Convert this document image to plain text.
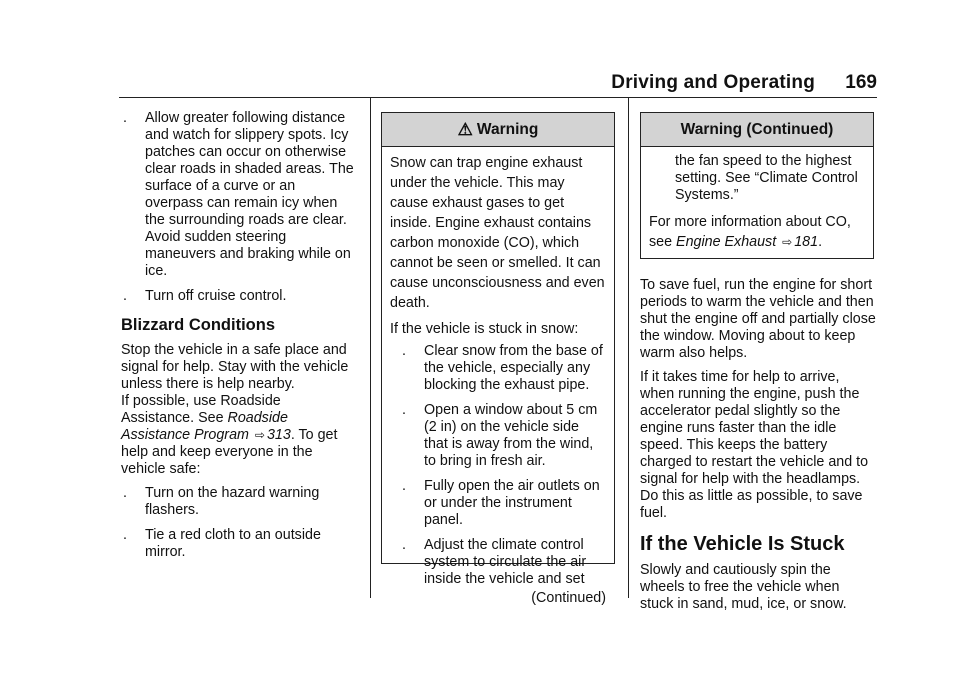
Driving and Operating	169
. Allow greater following distance and watch for slippery spots. Icy patches can occur on otherwise clear roads in shaded areas. The surface of a curve or an overpass can remain icy when the surrounding roads are clear. Avoid sudden steering maneuvers and braking while on ice.
. Turn off cruise control.
Blizzard Conditions

Stop the vehicle in a safe place and signal for help. Stay with the vehicle unless there is help nearby.

If possible, use Roadside Assistance. See Roadside Assistance Program ⇨ 313. To get help and keep everyone in the vehicle safe:

. Turn on the hazard warning flashers.
. Tie a red cloth to an outside mirror.
⚠ Warning

Snow can trap engine exhaust under the vehicle. This may cause exhaust gases to get inside. Engine exhaust contains carbon monoxide (CO), which cannot be seen or smelled. It can cause unconsciousness and even death.

If the vehicle is stuck in snow:

. Clear snow from the base of the vehicle, especially any blocking the exhaust pipe.
. Open a window about 5 cm (2 in) on the vehicle side that is away from the wind, to bring in fresh air.
. Fully open the air outlets on or under the instrument panel.
. Adjust the climate control system to circulate the air inside the vehicle and set

(Continued)

Warning (Continued)
the fan speed to the highest setting. See “Climate Control Systems.”

For more information about CO, see Engine Exhaust ⇨ 181.

To save fuel, run the engine for short periods to warm the vehicle and then shut the engine off and partially close the window. Moving about to keep warm also helps.

If it takes time for help to arrive, when running the engine, push the accelerator pedal slightly so the engine runs faster than the idle speed. This keeps the battery charged to restart the vehicle and to signal for help with the headlamps. Do this as little as possible, to save fuel.

If the Vehicle Is Stuck

Slowly and cautiously spin the wheels to free the vehicle when stuck in sand, mud, ice, or snow.
